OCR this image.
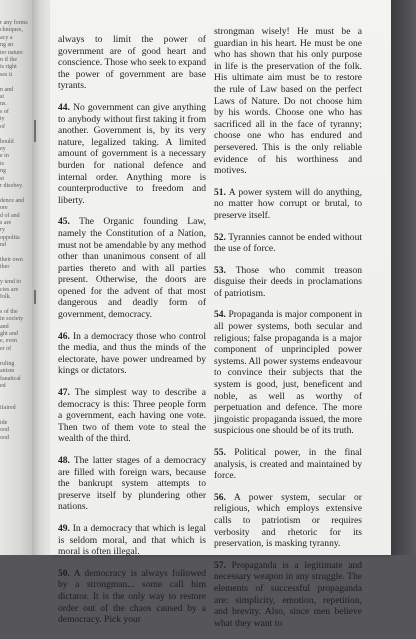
r any forms
chniques,
acy a
ng an
ter nature
n if the
is right
ses it

n and
st
ns.
s of
ty
of

hould
ey
e in
is
ng
st
r disobey.

dence and
ore
d of and
s are
ry
oppolita
nd

their own
ther

y tend to
cies are
folk.

s of the
in society
and
ght and
e, even
er of

ruling
anism
fanatical
ed

ifaired

ide
ood
ood

always to limit the power of government are of good heart and conscience. Those who seek to expand the power of government are base tyrants.

44. No government can give anything to anybody without first taking it from another. Government is, by its very nature, legalized taking. A limited amount of government is a necessary burden for national defence and internal order. Anything more is counterproductive to freedom and liberty.

45. The Organic founding Law, namely the Constitution of a Nation, must not be amendable by any method other than unanimous consent of all parties thereto and with all parties present. Otherwise, the doors are opened for the advent of that most dangerous and deadly form of government, democracy.

46. In a democracy those who control the media, and thus the minds of the electorate, have power undreamed by kings or dictators.

47. The simplest way to describe a democracy is this: Three people form a government, each having one vote. Then two of them vote to steal the wealth of the third.

48. The latter stages of a democracy are filled with foreign wars, because the bankrupt system attempts to preserve itself by plundering other nations.

49. In a democracy that which is legal is seldom moral, and that which is moral is often illegal.

50. A democracy is always followed by a strongman... some call him dictator. It is the only way to restore order out of the chaos caused by a democracy. Pick your

strongman wisely! He must be a guardian in his heart. He must be one who has shown that his only purpose in life is the preservation of the folk. His ultimate aim must be to restore the rule of Law based on the perfect Laws of Nature. Do not choose him by his words. Choose one who has sacrificed all in the face of tyranny; choose one who has endured and persevered. This is the only reliable evidence of his worthiness and motives.

51. A power system will do anything, no matter how corrupt or brutal, to preserve itself.

52. Tyrannies cannot be ended without the use of force.

53. Those who commit treason disguise their deeds in proclamations of patriotism.

54. Propaganda is major component in all power systems, both secular and religious; false propaganda is a major component of unprincipled power systems. All power systems endeavour to convince their subjects that the system is good, just, beneficent and noble, as well as worthy of perpetuation and defence. The more jingoistic propaganda issued, the more suspicious one should be of its truth.

55. Political power, in the final analysis, is created and maintained by force.

56. A power system, secular or religious, which employs extensive calls to patriotism or requires verbosity and rhetoric for its preservation, is masking tyranny.

57. Propaganda is a legitimate and necessary weapon in any struggle. The elements of successful propaganda are: simplicity, emotion, repetition, and brevity. Also, since men believe what they want to
